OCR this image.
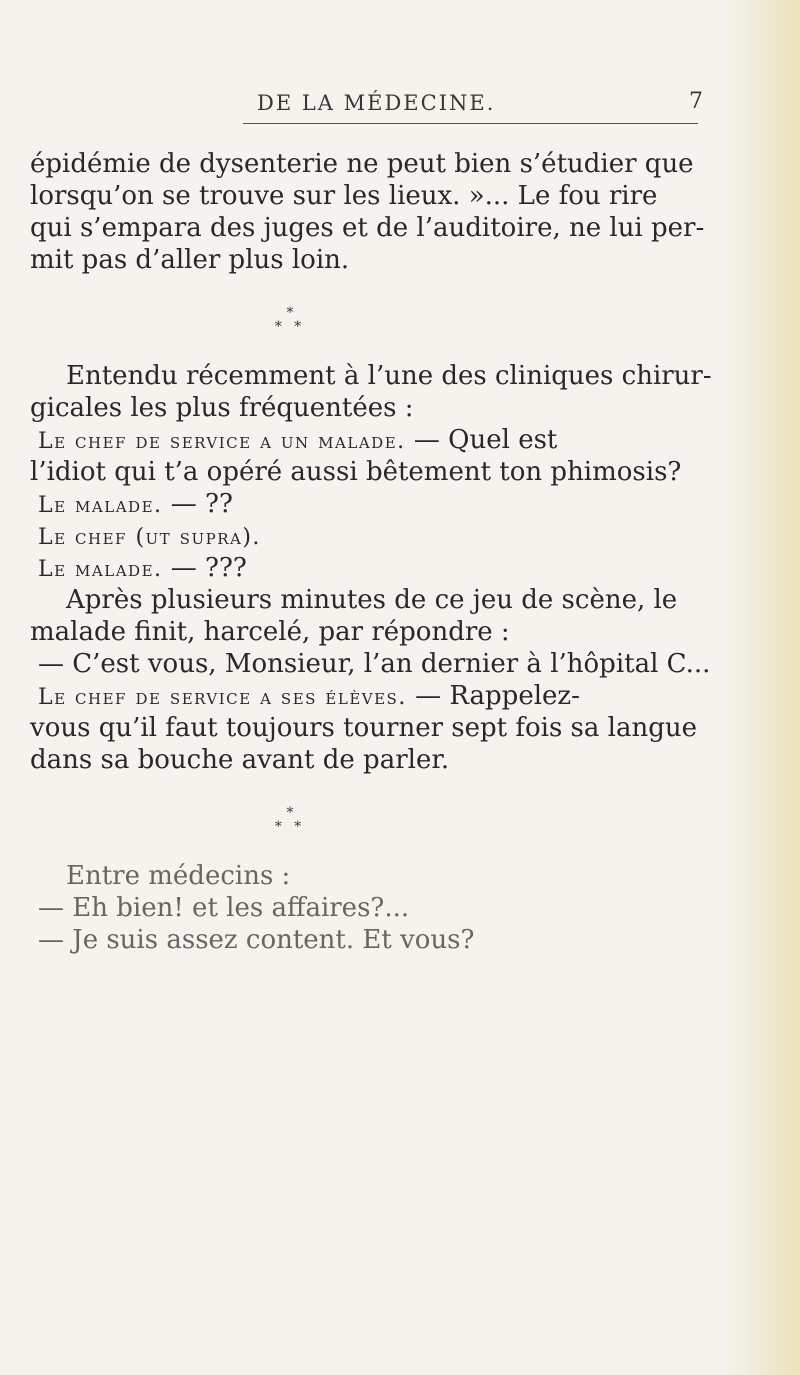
DE LA MÉDECINE.	7
épidémie de dysenterie ne peut bien s’étudier que
lorsqu’on se trouve sur les lieux. »... Le fou rire
qui s’empara des juges et de l’auditoire, ne lui per-
mit pas d’aller plus loin.
*
* *
Entendu récemment à l’une des cliniques chirur-
gicales les plus fréquentées :
Le chef de service a un malade. — Quel est
l’idiot qui t’a opéré aussi bêtement ton phimosis?
Le malade. — ??
Le chef (ut supra).
Le malade. — ???
Après plusieurs minutes de ce jeu de scène, le
malade finit, harcelé, par répondre :
— C’est vous, Monsieur, l’an dernier à l’hôpital C...
Le chef de service a ses élèves. — Rappelez-
vous qu’il faut toujours tourner sept fois sa langue
dans sa bouche avant de parler.
*
* *
Entre médecins :
— Eh bien! et les affaires?...
— Je suis assez content. Et vous?
